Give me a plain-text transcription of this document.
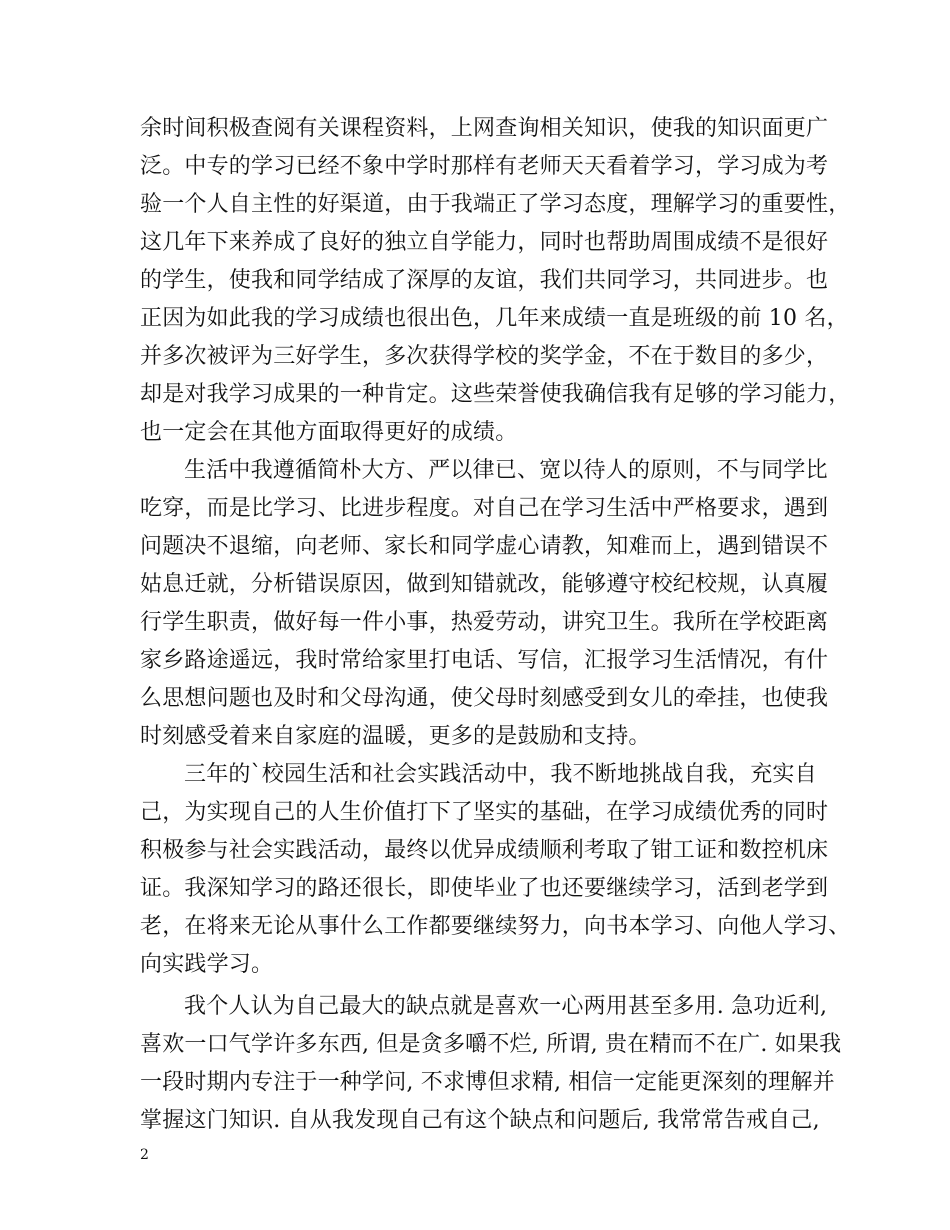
余时间积极查阅有关课程资料，上网查询相关知识，使我的知识面更广
泛。中专的学习已经不象中学时那样有老师天天看着学习，学习成为考
验一个人自主性的好渠道，由于我端正了学习态度，理解学习的重要性，
这几年下来养成了良好的独立自学能力，同时也帮助周围成绩不是很好
的学生，使我和同学结成了深厚的友谊，我们共同学习，共同进步。也
正因为如此我的学习成绩也很出色，几年来成绩一直是班级的前 10 名，
并多次被评为三好学生，多次获得学校的奖学金，不在于数目的多少，
却是对我学习成果的一种肯定。这些荣誉使我确信我有足够的学习能力，
也一定会在其他方面取得更好的成绩。
生活中我遵循简朴大方、严以律已、宽以待人的原则，不与同学比
吃穿，而是比学习、比进步程度。对自己在学习生活中严格要求，遇到
问题决不退缩，向老师、家长和同学虚心请教，知难而上，遇到错误不
姑息迁就，分析错误原因，做到知错就改，能够遵守校纪校规，认真履
行学生职责，做好每一件小事，热爱劳动，讲究卫生。我所在学校距离
家乡路途遥远，我时常给家里打电话、写信，汇报学习生活情况，有什
么思想问题也及时和父母沟通，使父母时刻感受到女儿的牵挂，也使我
时刻感受着来自家庭的温暖，更多的是鼓励和支持。
三年的`校园生活和社会实践活动中，我不断地挑战自我，充实自
己，为实现自己的人生价值打下了坚实的基础，在学习成绩优秀的同时
积极参与社会实践活动，最终以优异成绩顺利考取了钳工证和数控机床
证。我深知学习的路还很长，即使毕业了也还要继续学习，活到老学到
老，在将来无论从事什么工作都要继续努力，向书本学习、向他人学习、
向实践学习。
我个人认为自己最大的缺点就是喜欢一心两用甚至多用. 急功近利,
喜欢一口气学许多东西, 但是贪多嚼不烂, 所谓, 贵在精而不在广. 如果我
一段时期内专注于一种学问, 不求博但求精, 相信一定能更深刻的理解并
掌握这门知识. 自从我发现自己有这个缺点和问题后, 我常常告戒自己,
2
